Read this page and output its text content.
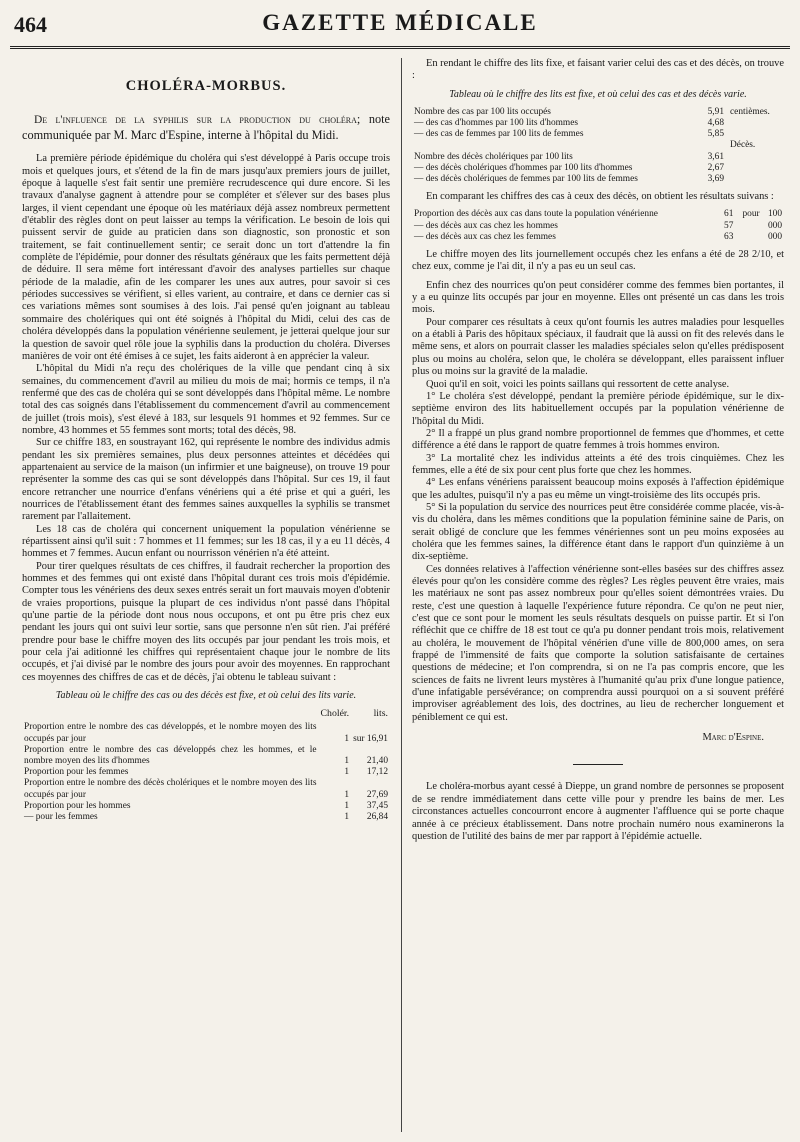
464	GAZETTE MÉDICALE
CHOLÉRA-MORBUS.
De l'influence de la syphilis sur la production du choléra; note communiquée par M. Marc d'Espine, interne à l'hôpital du Midi.

La première période épidémique du choléra qui s'est développé à Paris occupe trois mois et quelques jours, et s'étend de la fin de mars jusqu'aux premiers jours de juillet, époque à laquelle s'est fait sentir une première recrudescence qui dure encore. Si les travaux d'analyse gagnent à attendre pour se compléter et s'élever sur des bases plus larges, il vient cependant une époque où les matériaux déjà assez nombreux permettent d'établir des règles dont on peut laisser au temps la vérification. Le besoin de lois qui puissent servir de guide au praticien dans son diagnostic, son pronostic et son traitement, se fait continuellement sentir; ce serait donc un tort d'attendre la fin complète de l'épidémie, pour donner des résultats généraux que les faits permettent déjà de déduire. Il sera même fort intéressant d'avoir des analyses partielles sur chaque période de la maladie, afin de les comparer les unes aux autres, pour savoir si ces périodes successives se vérifient, si elles varient, au contraire, et dans ce dernier cas si ces variations mêmes sont soumises à des lois. J'ai pensé qu'en joignant au tableau sommaire des cholériques qui ont été soignés à l'hôpital du Midi, celui des cas de choléra développés dans la population vénérienne seulement, je jetterai quelque jour sur la question de savoir quel rôle joue la syphilis dans la production du choléra. Diverses manières de voir ont été émises à ce sujet, les faits aideront à en apprécier la valeur.

L'hôpital du Midi n'a reçu des cholériques de la ville que pendant cinq à six semaines, du commencement d'avril au milieu du mois de mai; hormis ce temps, il n'a renfermé que des cas de choléra qui se sont développés dans l'hôpital même. Le nombre total des cas soignés dans l'établissement du commencement d'avril au commencement de juillet (trois mois), s'est élevé à 183, sur lesquels 91 hommes et 92 femmes. Sur ce nombre, 43 hommes et 55 femmes sont morts; total des décès, 98.

Sur ce chiffre 183, en soustrayant 162, qui représente le nombre des individus admis pendant les six premières semaines, plus deux personnes atteintes et décédées qui appartenaient au service de la maison (un infirmier et une baigneuse), on trouve 19 pour représenter la somme des cas qui se sont développés dans l'hôpital. Sur ces 19, il faut encore retrancher une nourrice d'enfans vénériens qui a été prise et qui a guéri, les nourrices de l'établissement étant des femmes saines auxquelles la syphilis se transmet rarement par l'allaitement.

Les 18 cas de choléra qui concernent uniquement la population vénérienne se répartissent ainsi qu'il suit : 7 hommes et 11 femmes; sur les 18 cas, il y a eu 11 décès, 4 hommes et 7 femmes. Aucun enfant ou nourrisson vénérien n'a été atteint.

Pour tirer quelques résultats de ces chiffres, il faudrait rechercher la proportion des hommes et des femmes qui ont existé dans l'hôpital durant ces trois mois d'épidémie. Compter tous les vénériens des deux sexes entrés serait un fort mauvais moyen d'obtenir de vraies proportions, puisque la plupart de ces individus n'ont passé dans l'hôpital qu'une partie de la période dont nous nous occupons, et ont pu être pris chez eux pendant les jours qui ont suivi leur sortie, sans que personne n'en sût rien. J'ai préféré prendre pour base le chiffre moyen des lits occupés par jour pendant les trois mois, et pour cela j'ai aditionné les chiffres qui représentaient chaque jour le nombre de lits occupés, et j'ai divisé par le nombre des jours pour avoir des moyennes. En rapprochant ces moyennes des chiffres de cas et de décès, j'ai obtenu le tableau suivant :

Tableau où le chiffre des cas ou des décès est fixe, et où celui des lits varie.
	Cholér.	lits.
Proportion entre le nombre des cas développés, et le nombre moyen des lits occupés par jour	1	sur 16,91
Proportion entre le nombre des cas développés chez les hommes, et le nombre moyen des lits d'hommes	1	21,40
Proportion pour les femmes	1	17,12
Proportion entre le nombre des décès cholériques et le nombre moyen des lits occupés par jour	1	27,69
Proportion pour les hommes	1	37,45
— pour les femmes	1	26,84

En rendant le chiffre des lits fixe, et faisant varier celui des cas et des décès, on trouve :

Tableau où le chiffre des lits est fixe, et où celui des cas et des décès varie.
Nombre des cas par 100 lits occupés	5,91	centièmes.
— des cas d'hommes par 100 lits d'hommes	4,68	
— des cas de femmes par 100 lits de femmes	5,85	
		Décès.
Nombre des décès cholériques par 100 lits	3,61	
— des décès cholériques d'hommes par 100 lits d'hommes	2,67	
— des décès cholériques de femmes par 100 lits de femmes	3,69	

En comparant les chiffres des cas à ceux des décès, on obtient les résultats suivans :

Proportion des décès aux cas dans toute la population vénérienne	61	pour	100
— des décès aux cas chez les hommes	57		000
— des décès aux cas chez les femmes	63		000

Le chiffre moyen des lits journellement occupés chez les enfans a été de 28 2/10, et chez eux, comme je l'ai dit, il n'y a pas eu un seul cas.

Enfin chez des nourrices qu'on peut considérer comme des femmes bien portantes, il y a eu quinze lits occupés par jour en moyenne. Elles ont présenté un cas dans les trois mois.

Pour comparer ces résultats à ceux qu'ont fournis les autres maladies pour lesquelles on a établi à Paris des hôpitaux spéciaux, il faudrait que là aussi on fit des relevés dans le même sens, et alors on pourrait classer les maladies spéciales selon qu'elles prédisposent plus ou moins au choléra, selon que, le choléra se développant, elles paraissent influer plus ou moins sur la gravité de la maladie.

Quoi qu'il en soit, voici les points saillans qui ressortent de cette analyse.

1° Le choléra s'est développé, pendant la première période épidémique, sur le dix-septième environ des lits habituellement occupés par la population vénérienne de l'hôpital du Midi.

2° Il a frappé un plus grand nombre proportionnel de femmes que d'hommes, et cette différence a été dans le rapport de quatre femmes à trois hommes environ.

3° La mortalité chez les individus atteints a été des trois cinquièmes. Chez les femmes, elle a été de six pour cent plus forte que chez les hommes.

4° Les enfans vénériens paraissent beaucoup moins exposés à l'affection épidémique que les adultes, puisqu'il n'y a pas eu même un vingt-troisième des lits occupés pris.

5° Si la population du service des nourrices peut être considérée comme placée, vis-à-vis du choléra, dans les mêmes conditions que la population féminine saine de Paris, on serait obligé de conclure que les femmes vénériennes sont un peu moins exposées au choléra que les femmes saines, la différence étant dans le rapport d'un quinzième à un dix-septième.

Ces données relatives à l'affection vénérienne sont-elles basées sur des chiffres assez élevés pour qu'on les considère comme des règles? Les règles peuvent être vraies, mais les matériaux ne sont pas assez nombreux pour qu'elles soient démontrées vraies. Du reste, c'est une question à laquelle l'expérience future répondra. Ce qu'on ne peut nier, c'est que ce sont pour le moment les seuls résultats desquels on puisse partir. Et si l'on réfléchit que ce chiffre de 18 est tout ce qu'a pu donner pendant trois mois, relativement au choléra, le mouvement de l'hôpital vénérien d'une ville de 800,000 ames, on sera frappé de l'immensité de faits que comporte la solution satisfaisante de certaines questions de médecine; et l'on comprendra, si on ne l'a pas compris encore, que les sciences de faits ne livrent leurs mystères à l'humanité qu'au prix d'une longue patience, d'une infatigable persévérance; on comprendra aussi pourquoi on a si souvent préféré improviser agréablement des lois, des doctrines, au lieu de rechercher longuement et péniblement ce qui est.

Marc d'Espine.

Le choléra-morbus ayant cessé à Dieppe, un grand nombre de personnes se proposent de se rendre immédiatement dans cette ville pour y prendre les bains de mer. Les circonstances actuelles concourront encore à augmenter l'affluence qui se porte chaque année à ce précieux établissement. Dans notre prochain numéro nous examinerons la question de l'utilité des bains de mer par rapport à l'épidémie actuelle.
